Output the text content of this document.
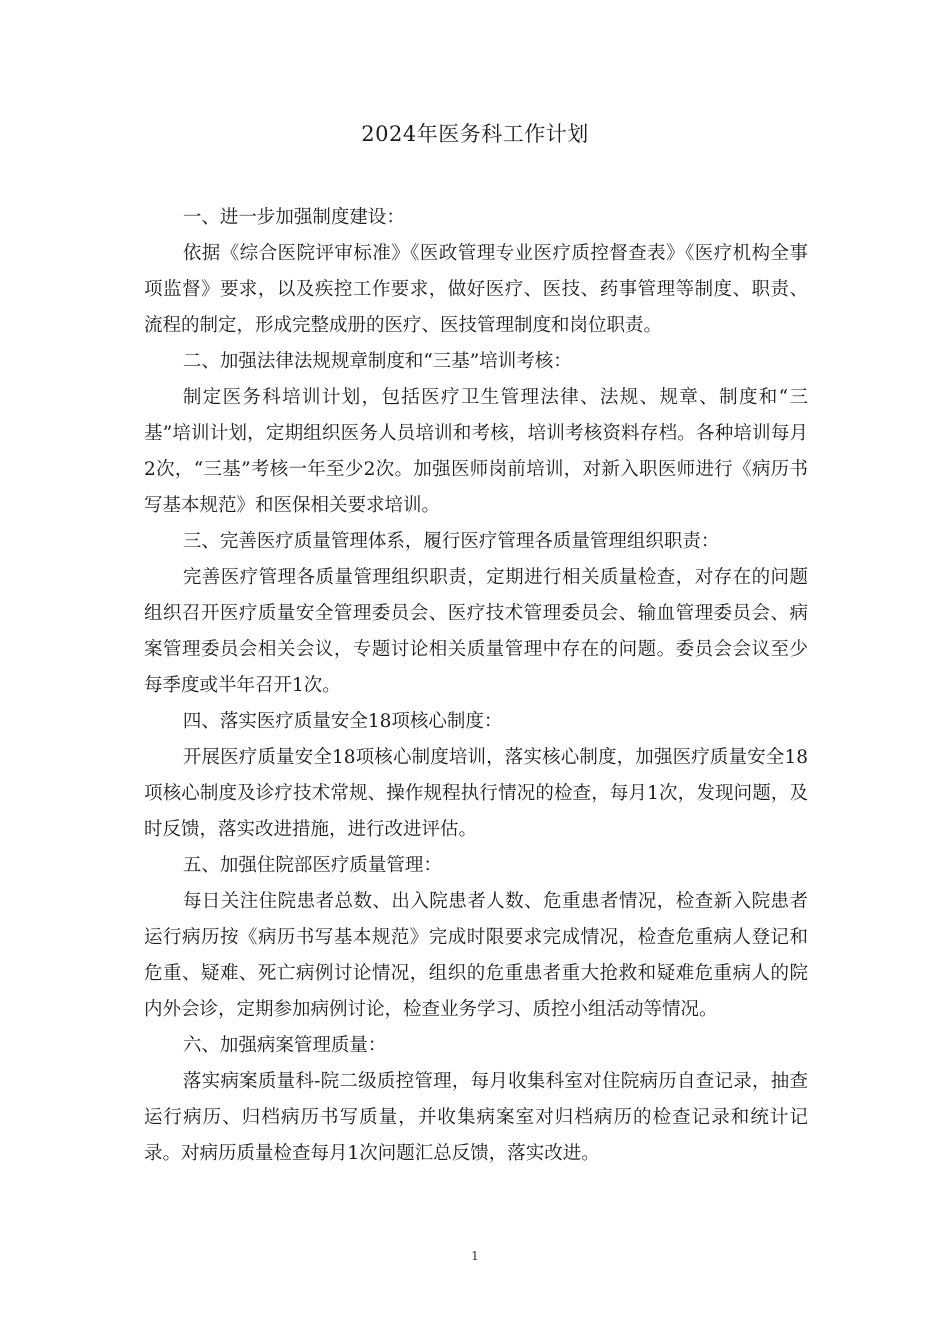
2024年医务科工作计划

一、进一步加强制度建设：

依据《综合医院评审标准》《医政管理专业医疗质控督查表》《医疗机构全事项监督》要求，以及疾控工作要求，做好医疗、医技、药事管理等制度、职责、流程的制定，形成完整成册的医疗、医技管理制度和岗位职责。

二、加强法律法规规章制度和“三基”培训考核：

制定医务科培训计划，包括医疗卫生管理法律、法规、规章、制度和“三基”培训计划，定期组织医务人员培训和考核，培训考核资料存档。各种培训每月2次，“三基”考核一年至少2次。加强医师岗前培训，对新入职医师进行《病历书写基本规范》和医保相关要求培训。

三、完善医疗质量管理体系，履行医疗管理各质量管理组织职责：

完善医疗管理各质量管理组织职责，定期进行相关质量检查，对存在的问题组织召开医疗质量安全管理委员会、医疗技术管理委员会、输血管理委员会、病案管理委员会相关会议，专题讨论相关质量管理中存在的问题。委员会会议至少每季度或半年召开1次。

四、落实医疗质量安全18项核心制度：

开展医疗质量安全18项核心制度培训，落实核心制度，加强医疗质量安全18项核心制度及诊疗技术常规、操作规程执行情况的检查，每月1次，发现问题，及时反馈，落实改进措施，进行改进评估。

五、加强住院部医疗质量管理：

每日关注住院患者总数、出入院患者人数、危重患者情况，检查新入院患者运行病历按《病历书写基本规范》完成时限要求完成情况，检查危重病人登记和危重、疑难、死亡病例讨论情况，组织的危重患者重大抢救和疑难危重病人的院内外会诊，定期参加病例讨论，检查业务学习、质控小组活动等情况。

六、加强病案管理质量：

落实病案质量科-院二级质控管理，每月收集科室对住院病历自查记录，抽查运行病历、归档病历书写质量，并收集病案室对归档病历的检查记录和统计记录。对病历质量检查每月1次问题汇总反馈，落实改进。

1
